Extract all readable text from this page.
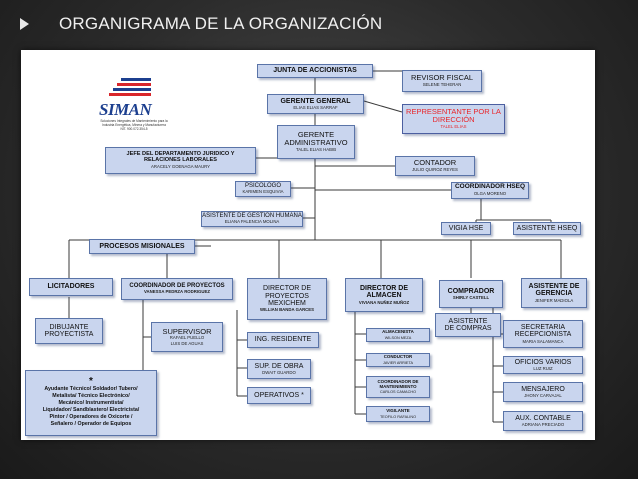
ORGANIGRAMA DE LA ORGANIZACIÓN
SIMAN
Soluciones Integrales de Mantenimiento para la Industria Energética, Minera y Manufacturera NIT. 900.072.354-5
JUNTA DE ACCIONISTAS
REVISOR FISCAL
SELENE TEHERAN
GERENTE GENERAL
ELIAS ELIAS SARRAF	REPRESENTANTE POR LA
DIRECCIÓN
TALEL ELIAS
GERENTE
ADMINISTRATIVO
TALEL ELIAS HABIB
JEFE DEL DEPARTAMENTO JURIDICO Y
RELACIONES LABORALES
ARACELY GOENAGA MAURY	CONTADOR
JULIO QUIROZ REYES
PSICOLOGO
KARIMEN ESQUIVIA
COORDINADOR HSEQ
OLGA MORENO
ASISTENTE DE GESTION HUMANA
ELIANA PALENCIA MOLINA
VIGIA HSE	ASISTENTE HSEQ
PROCESOS MISIONALES
LICITADORES	COORDINADOR DE PROYECTOS
VANESSA PEDRZA RODRIGUEZ	DIRECTOR DE
PROYECTOS
MEXICHEM
WILLIAN BANDA GARCES
DIRECTOR DE
ALMACEN
VIVIANA NUÑEZ MUÑOZ
COMPRADOR
SHIRLY CASTELL
ASISTENTE DE
GERENCIA
JENIFER MADIOLA
DIBUJANTE
PROYECTISTA	SUPERVISOR
RAFAEL PUELLO
LUIS DE AGUAS
ING. RESIDENTE
ALMACENISTA
WILSON MEZA
ASISTENTE
DE COMPRAS	SECRETARIA
RECEPCIONISTA
MARIA SALAMANCA
SUP. DE OBRA
DWAIT GUARDO
CONDUCTOR
JAVIER ARRIETA	OFICIOS VARIOS
LUZ RUIZ
COORDINADOR DE
MANTENIMIENTO
CARLOS CAMACHO
OPERATIVOS *
MENSAJERO
JHONY CARVAJAL
VIGILANTE
TEOFILO RAFALINO	AUX. CONTABLE
ADRIANA PRECIADO
*
Ayudante Técnico/ Soldador/ Tubero/
Metalista/ Técnico Electrónico/
Mecánico/ Instrumentista/
Liquidador/ Sandblastero/ Electricista/
Pintor / Operadores de Oxicorte /
Señalero / Operador de Equipos
